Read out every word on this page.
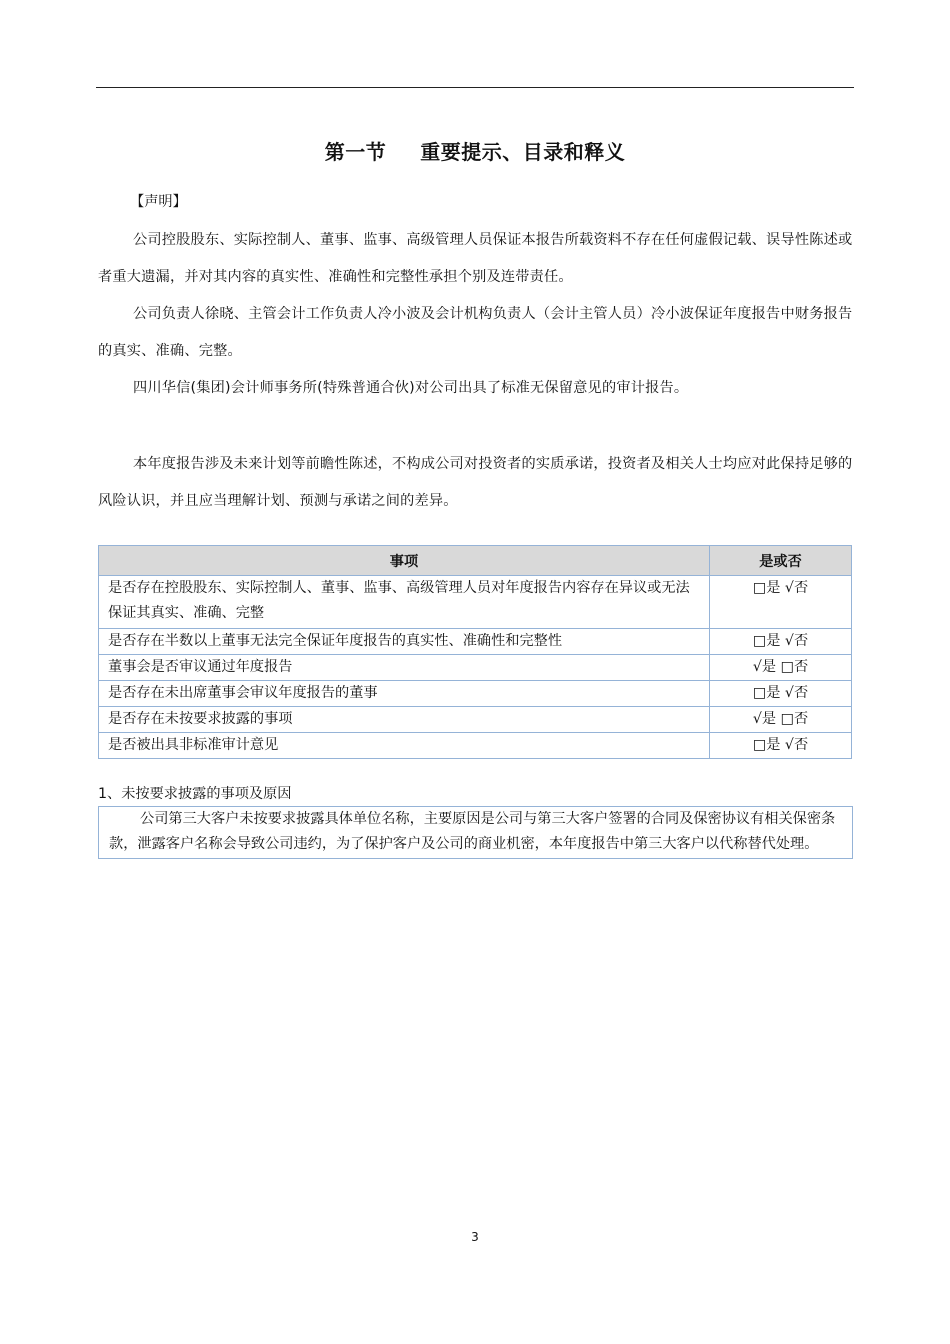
第一节 重要提示、目录和释义
【声明】
公司控股股东、实际控制人、董事、监事、高级管理人员保证本报告所载资料不存在任何虚假记载、误导性陈述或者重大遗漏，并对其内容的真实性、准确性和完整性承担个别及连带责任。
公司负责人徐晓、主管会计工作负责人冷小波及会计机构负责人（会计主管人员）冷小波保证年度报告中财务报告的真实、准确、完整。
四川华信(集团)会计师事务所(特殊普通合伙)对公司出具了标准无保留意见的审计报告。
本年度报告涉及未来计划等前瞻性陈述，不构成公司对投资者的实质承诺，投资者及相关人士均应对此保持足够的风险认识，并且应当理解计划、预测与承诺之间的差异。
事项	是或否
是否存在控股股东、实际控制人、董事、监事、高级管理人员对年度报告内容存在异议或无法保证其真实、准确、完整	□是 √否
是否存在半数以上董事无法完全保证年度报告的真实性、准确性和完整性	□是 √否
董事会是否审议通过年度报告	√是 □否
是否存在未出席董事会审议年度报告的董事	□是 √否
是否存在未按要求披露的事项	√是 □否
是否被出具非标准审计意见	□是 √否
1、未按要求披露的事项及原因

公司第三大客户未按要求披露具体单位名称，主要原因是公司与第三大客户签署的合同及保密协议有相关保密条款，泄露客户名称会导致公司违约，为了保护客户及公司的商业机密，本年度报告中第三大客户以代称替代处理。

3
